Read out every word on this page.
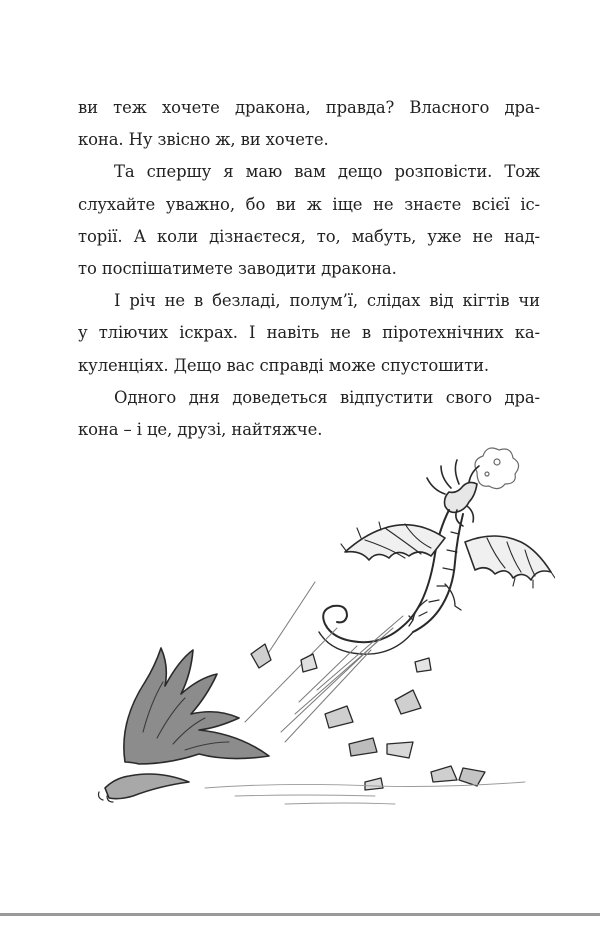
ви теж хочете дракона, правда? Власного дра-
кона. Ну звісно ж, ви хочете.
Та спершу я маю вам дещо розповісти. Тож
слухайте уважно, бо ви ж іще не знаєте всієї іс-
торії. А коли дізнаєтеся, то, мабуть, уже не над-
то поспішатимете заводити дракона.
І річ не в безладі, полум’ї, слідах від кігтів чи
у тліючих іскрах. І навіть не в піротехнічних ка-
куленціях. Дещо вас справді може спустошити.
Одного дня доведеться відпустити свого дра-
кона – і це, друзі, найтяжче.
